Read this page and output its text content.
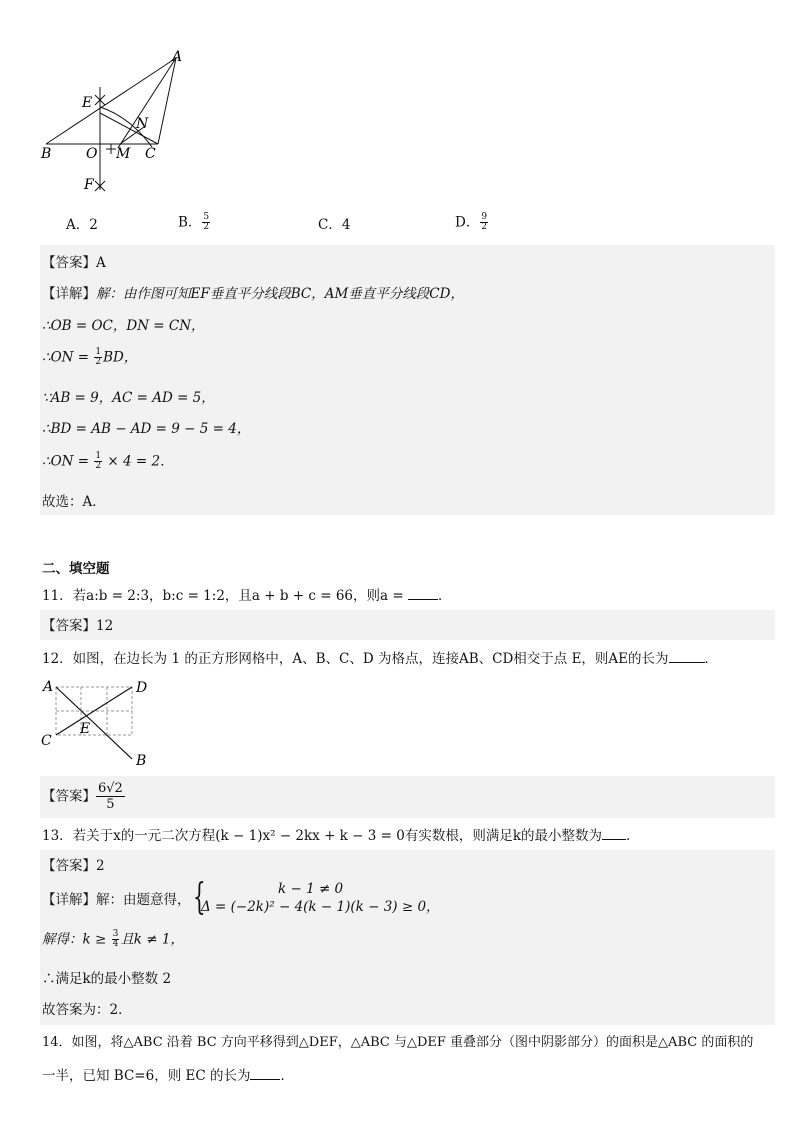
A
E
N
B O M C
F
A．2	B． $\frac{5}{2}$	C．4	D． $\frac{9}{2}$
【答案】A
【详解】解：由作图可知EF垂直平分线段BC，AM垂直平分线段CD，
∴OB = OC，DN = CN，
∴ON = $\frac{1}{2}$ BD，
∵AB = 9，AC = AD = 5，
∴BD = AB − AD = 9 − 5 = 4，
∴ON = $\frac{1}{2} \times 4 = 2$．
故选：A．
二、填空题
11．若a:b = 2:3，b:c = 1:2，且a + b + c = 66，则a = ．
【答案】12
12．如图，在边长为 1 的正方形网格中，A、B、C、D 为格点，连接AB、CD相交于点 E，则AE的长为	．
A	D
E
C
B
【答案】 $\frac{6√2}{5}$
13．若关于x的一元二次方程(k − 1)x² − 2kx + k − 3 = 0有实数根，则满足k的最小整数为 ．
【答案】2
【详解】解：由题意得， {	k − 1 ≠ 0
Δ = (−2k)² − 4(k − 1)(k − 3) ≥ 0，
解得：$k \ge \frac{3}{4}$ 且k ≠ 1，
∴满足k的最小整数 2
故答案为：2．
14．如图，将△ABC 沿着 BC 方向平移得到△DEF，△ABC 与△DEF 重叠部分（图中阴影部分）的面积是△ABC 的面积的
一半，已知 BC=6，则 EC 的长为 ．
